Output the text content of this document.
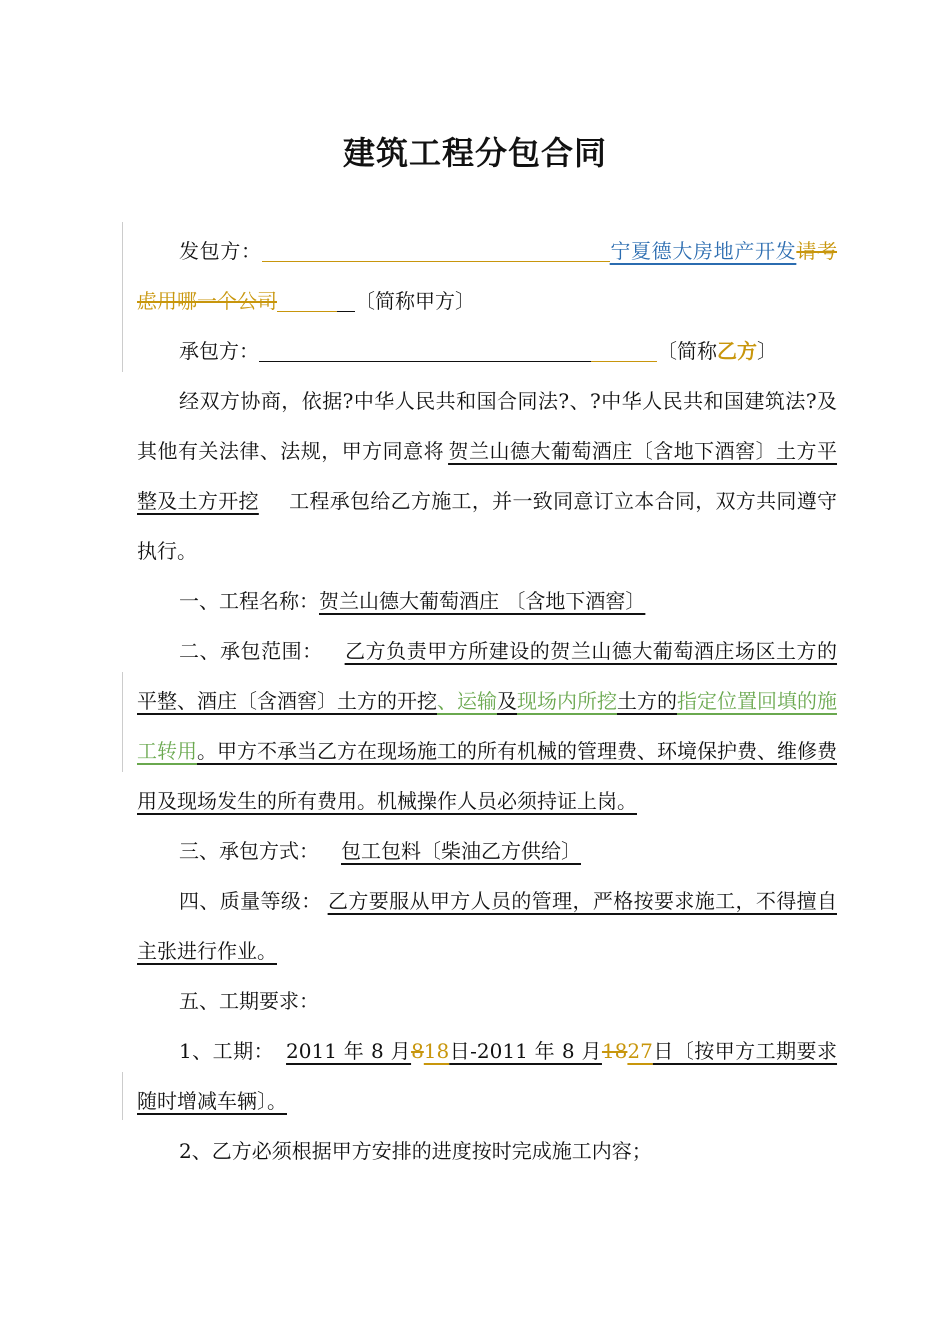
建筑工程分包合同

发包方：	宁夏德大房地产开发请考虑用哪一个公司	〔简称甲方〕

承包方：	〔简称乙方〕

经双方协商，依据?中华人民共和国合同法?、?中华人民共和国建筑法?及其他有关法律、法规，甲方同意将 贺兰山德大葡萄酒庄〔含地下酒窖〕土方平整及土方开挖 工程承包给乙方施工，并一致同意订立本合同，双方共同遵守执行。

一、工程名称：贺兰山德大葡萄酒庄 〔含地下酒窖〕

二、承包范围： 乙方负责甲方所建设的贺兰山德大葡萄酒庄场区土方的平整、酒庄〔含酒窖〕土方的开挖、运输及现场内所挖土方的指定位置回填的施工转用。甲方不承当乙方在现场施工的所有机械的管理费、环境保护费、维修费用及现场发生的所有费用。机械操作人员必须持证上岗。

三、承包方式： 包工包料〔柴油乙方供给〕

四、质量等级： 乙方要服从甲方人员的管理，严格按要求施工，不得擅自主张进行作业。

五、工期要求：

1、工期： 2011 年 8 月818日-2011 年 8 月1827日〔按甲方工期要求随时增减车辆〕。

2、乙方必须根据甲方安排的进度按时完成施工内容；
